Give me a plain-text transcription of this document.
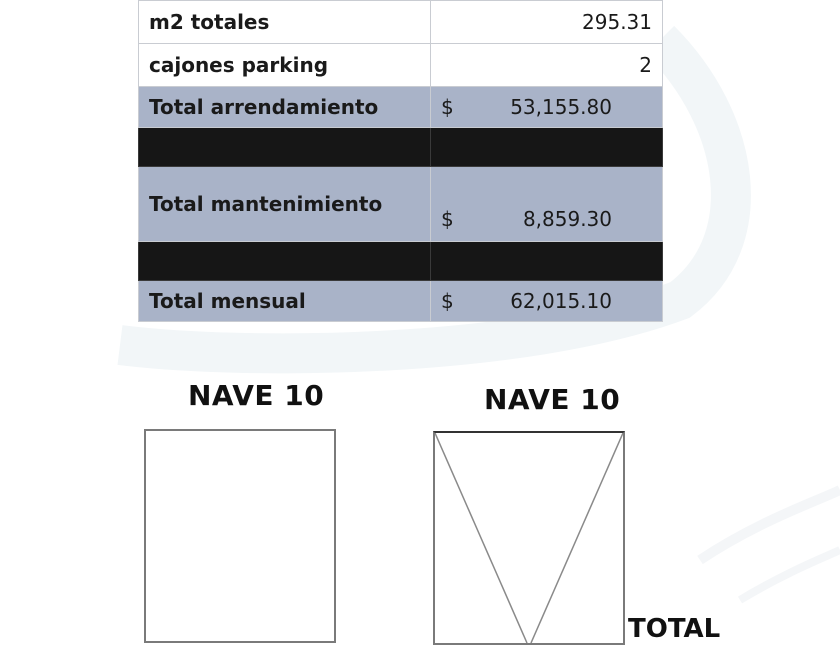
m2 totales	295.31
cajones parking	2
Total arrendamiento	$ 53,155.80

Total mantenimiento	$ 8,859.30

Total mensual	$ 62,015.10
NAVE 10	NAVE 10
TOTAL
